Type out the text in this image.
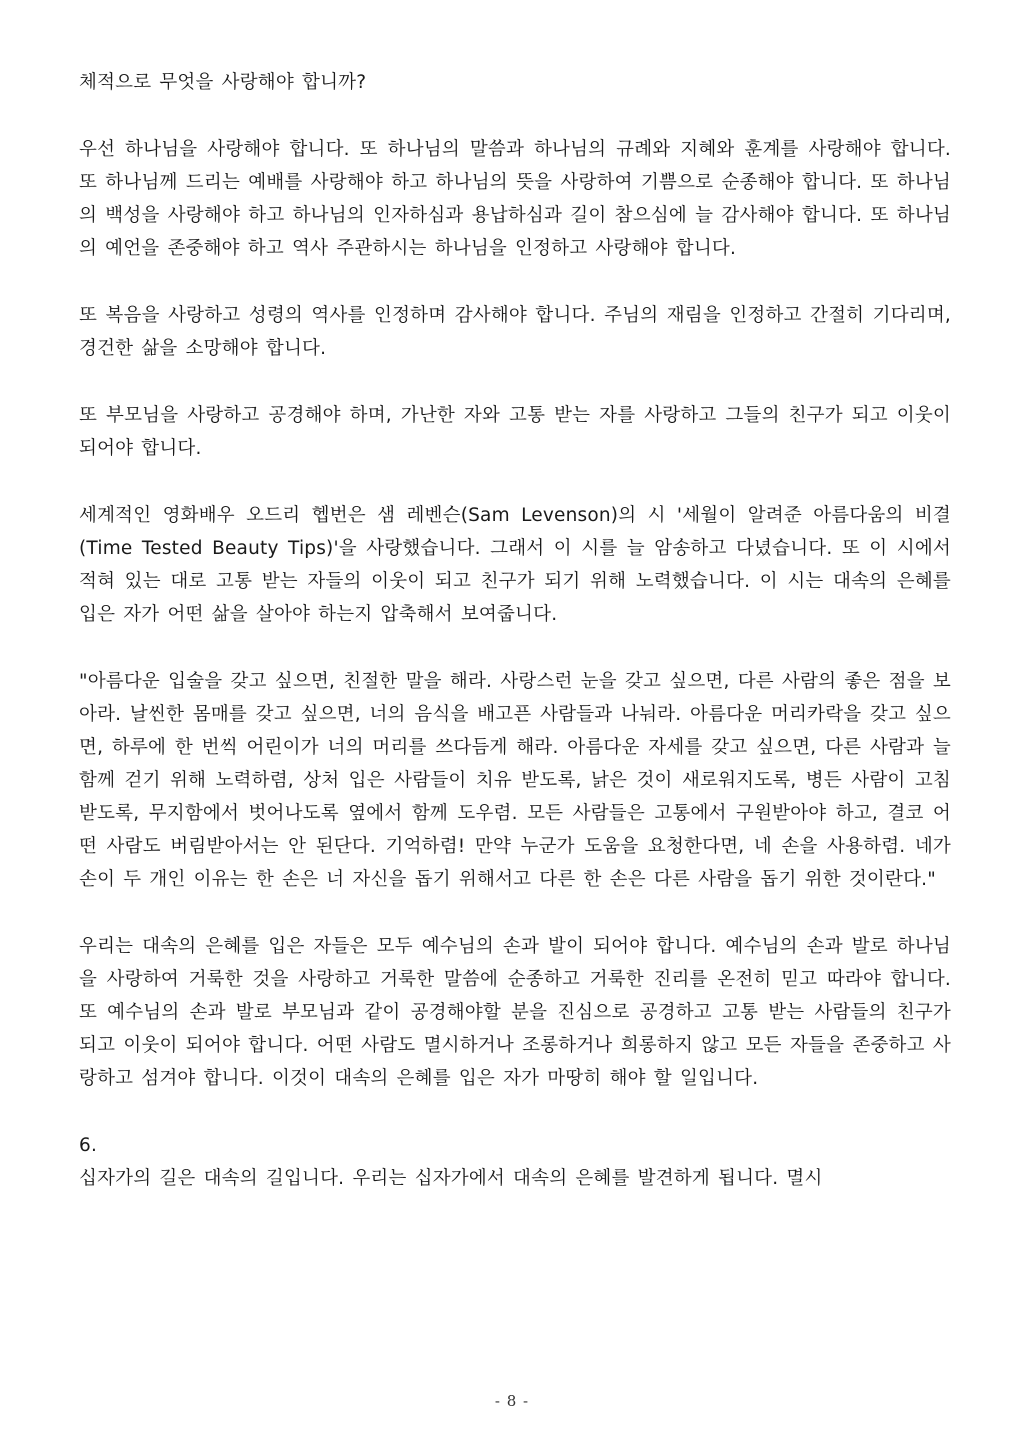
체적으로 무엇을 사랑해야 합니까?

우선 하나님을 사랑해야 합니다. 또 하나님의 말씀과 하나님의 규례와 지혜와 훈계를 사랑해야 합니다. 또 하나님께 드리는 예배를 사랑해야 하고 하나님의 뜻을 사랑하여 기쁨으로 순종해야 합니다. 또 하나님의 백성을 사랑해야 하고 하나님의 인자하심과 용납하심과 길이 참으심에 늘 감사해야 합니다. 또 하나님의 예언을 존중해야 하고 역사 주관하시는 하나님을 인정하고 사랑해야 합니다.

또 복음을 사랑하고 성령의 역사를 인정하며 감사해야 합니다. 주님의 재림을 인정하고 간절히 기다리며, 경건한 삶을 소망해야 합니다.

또 부모님을 사랑하고 공경해야 하며, 가난한 자와 고통 받는 자를 사랑하고 그들의 친구가 되고 이웃이 되어야 합니다.

세계적인 영화배우 오드리 헵번은 샘 레벤슨(Sam Levenson)의 시 '세월이 알려준 아름다움의 비결(Time Tested Beauty Tips)'을 사랑했습니다. 그래서 이 시를 늘 암송하고 다녔습니다. 또 이 시에서 적혀 있는 대로 고통 받는 자들의 이웃이 되고 친구가 되기 위해 노력했습니다. 이 시는 대속의 은혜를 입은 자가 어떤 삶을 살아야 하는지 압축해서 보여줍니다.

"아름다운 입술을 갖고 싶으면, 친절한 말을 해라. 사랑스런 눈을 갖고 싶으면, 다른 사람의 좋은 점을 보아라. 날씬한 몸매를 갖고 싶으면, 너의 음식을 배고픈 사람들과 나눠라. 아름다운 머리카락을 갖고 싶으면, 하루에 한 번씩 어린이가 너의 머리를 쓰다듬게 해라. 아름다운 자세를 갖고 싶으면, 다른 사람과 늘 함께 걷기 위해 노력하렴, 상처 입은 사람들이 치유 받도록, 낡은 것이 새로워지도록, 병든 사람이 고침 받도록, 무지함에서 벗어나도록 옆에서 함께 도우렴. 모든 사람들은 고통에서 구원받아야 하고, 결코 어떤 사람도 버림받아서는 안 된단다. 기억하렴! 만약 누군가 도움을 요청한다면, 네 손을 사용하렴. 네가 손이 두 개인 이유는 한 손은 너 자신을 돕기 위해서고 다른 한 손은 다른 사람을 돕기 위한 것이란다."

우리는 대속의 은혜를 입은 자들은 모두 예수님의 손과 발이 되어야 합니다. 예수님의 손과 발로 하나님을 사랑하여 거룩한 것을 사랑하고 거룩한 말씀에 순종하고 거룩한 진리를 온전히 믿고 따라야 합니다. 또 예수님의 손과 발로 부모님과 같이 공경해야할 분을 진심으로 공경하고 고통 받는 사람들의 친구가 되고 이웃이 되어야 합니다. 어떤 사람도 멸시하거나 조롱하거나 희롱하지 않고 모든 자들을 존중하고 사랑하고 섬겨야 합니다. 이것이 대속의 은혜를 입은 자가 마땅히 해야 할 일입니다.

6.

십자가의 길은 대속의 길입니다. 우리는 십자가에서 대속의 은혜를 발견하게 됩니다. 멸시

- 8 -
